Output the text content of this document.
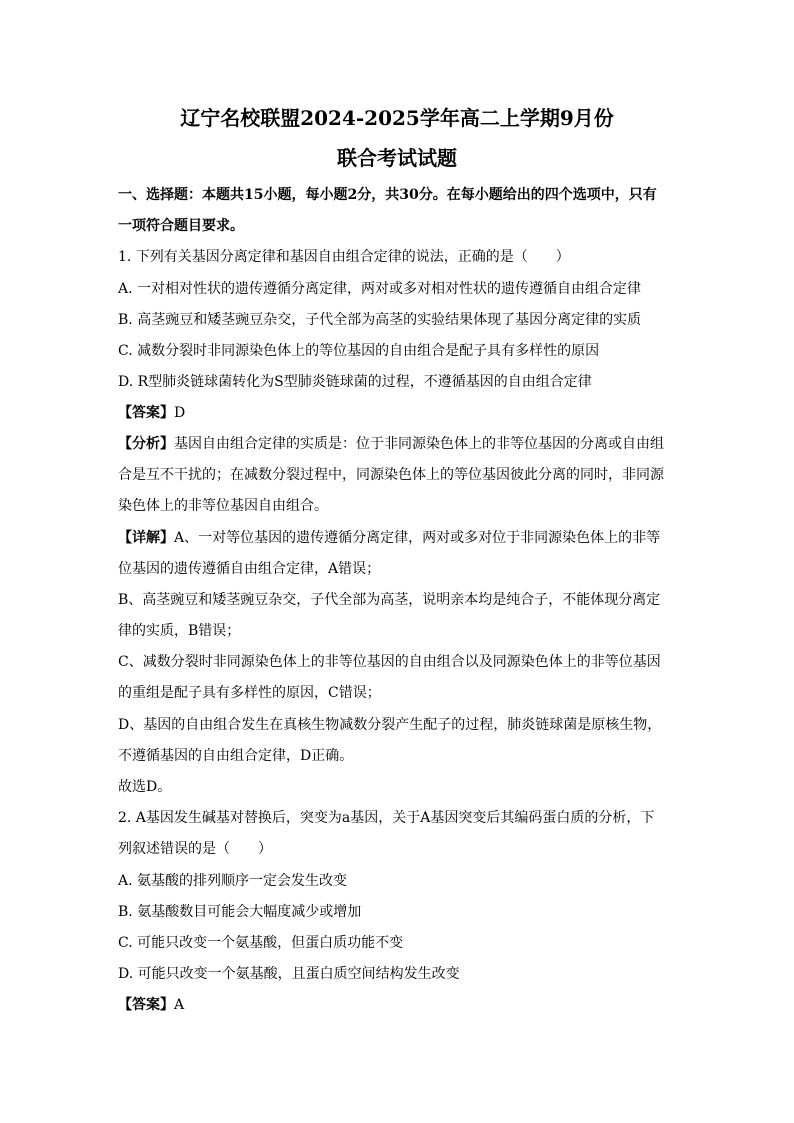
辽宁名校联盟2024-2025学年高二上学期9月份
联合考试试题
一、选择题：本题共15小题，每小题2分，共30分。在每小题给出的四个选项中，只有
一项符合题目要求。
1. 下列有关基因分离定律和基因自由组合定律的说法，正确的是（　　）
A. 一对相对性状的遗传遵循分离定律，两对或多对相对性状的遗传遵循自由组合定律
B. 高茎豌豆和矮茎豌豆杂交，子代全部为高茎的实验结果体现了基因分离定律的实质
C. 减数分裂时非同源染色体上的等位基因的自由组合是配子具有多样性的原因
D. R型肺炎链球菌转化为S型肺炎链球菌的过程，不遵循基因的自由组合定律
【答案】D
【分析】基因自由组合定律的实质是：位于非同源染色体上的非等位基因的分离或自由组
合是互不干扰的；在减数分裂过程中，同源染色体上的等位基因彼此分离的同时，非同源
染色体上的非等位基因自由组合。
【详解】A、一对等位基因的遗传遵循分离定律，两对或多对位于非同源染色体上的非等
位基因的遗传遵循自由组合定律，A错误；
B、高茎豌豆和矮茎豌豆杂交，子代全部为高茎，说明亲本均是纯合子，不能体现分离定
律的实质，B错误；
C、减数分裂时非同源染色体上的非等位基因的自由组合以及同源染色体上的非等位基因
的重组是配子具有多样性的原因，C错误；
D、基因的自由组合发生在真核生物减数分裂产生配子的过程，肺炎链球菌是原核生物，
不遵循基因的自由组合定律，D正确。
故选D。
2. A基因发生碱基对替换后，突变为a基因，关于A基因突变后其编码蛋白质的分析，下
列叙述错误的是（　　）
A. 氨基酸的排列顺序一定会发生改变
B. 氨基酸数目可能会大幅度减少或增加
C. 可能只改变一个氨基酸，但蛋白质功能不变
D. 可能只改变一个氨基酸，且蛋白质空间结构发生改变
【答案】A
